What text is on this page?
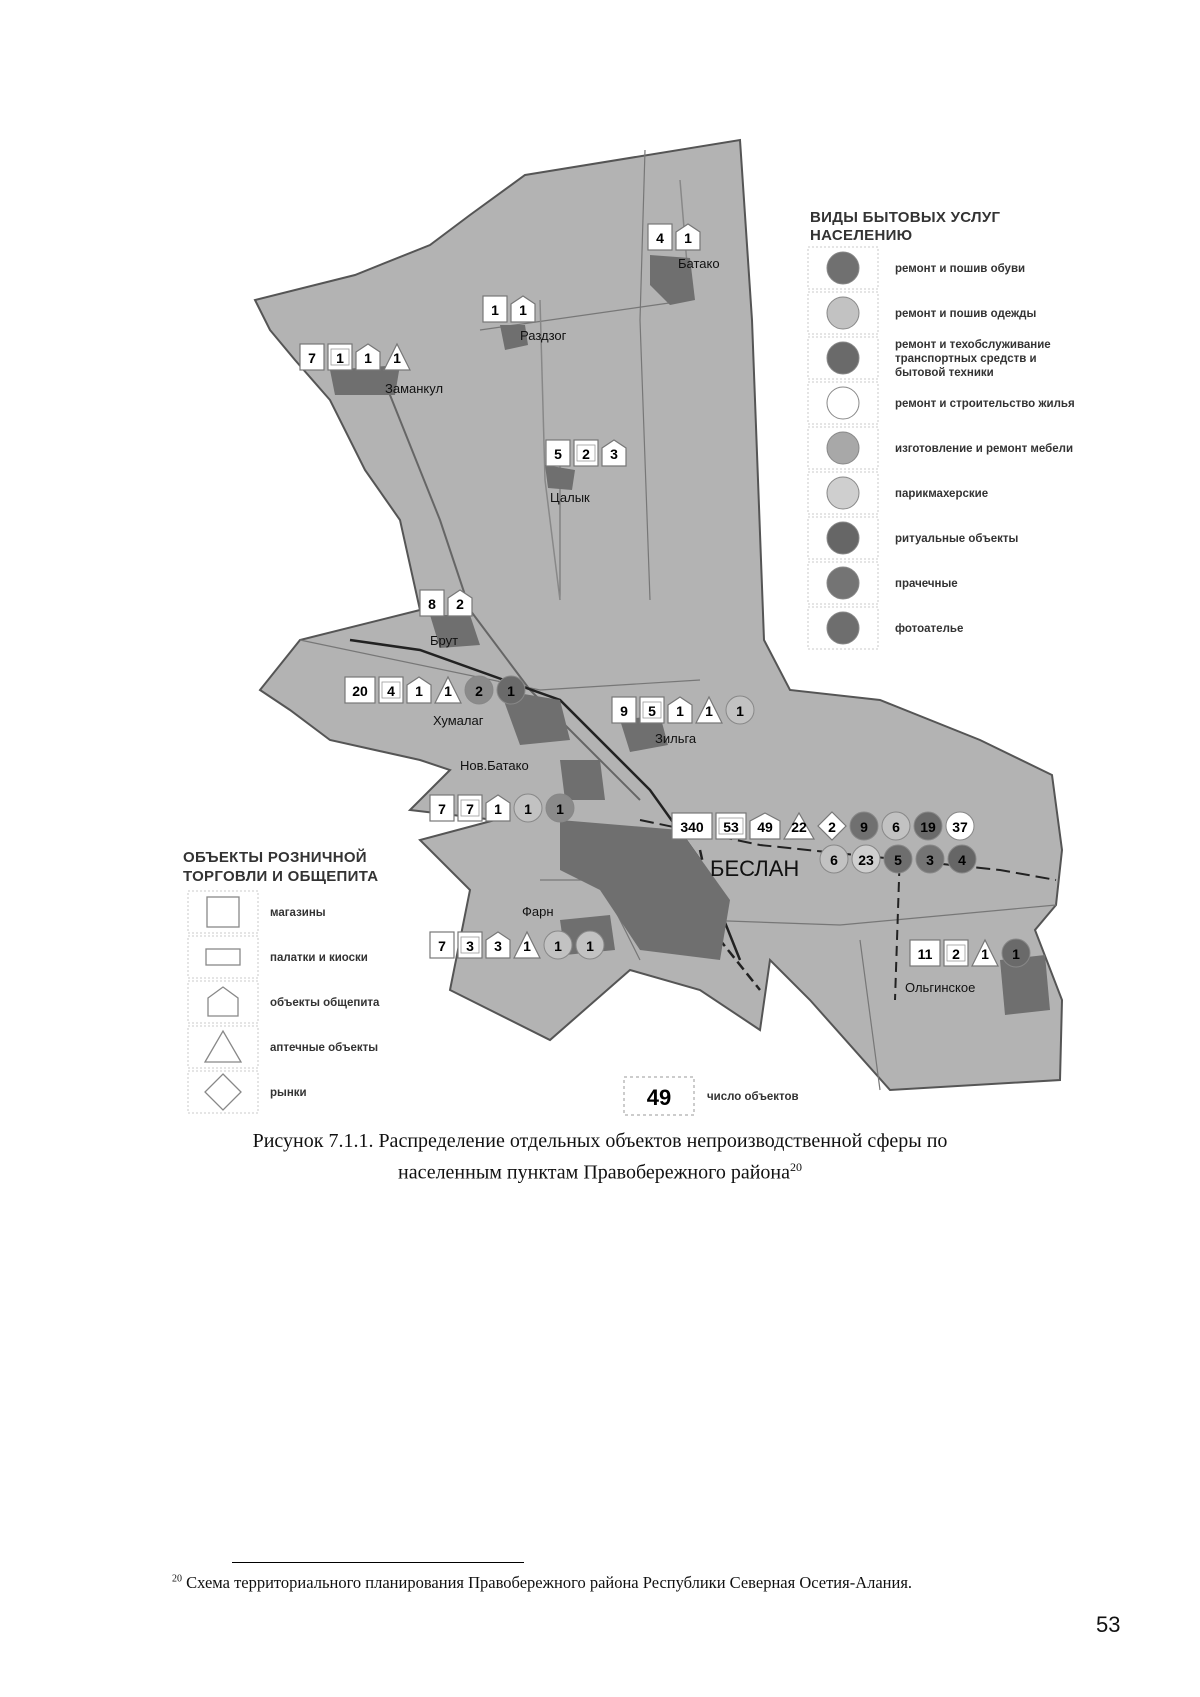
Батако
Раздзог
Заманкул
Цалык
Брут
Хумалаг
Зильга
Нов.Батако
БЕСЛАН
Фарн
Ольгинское
4 1
1 1
7 1 1 1
5 2 3
8 2
20 4 1 1 2 1
9 5 1 1 1
7 7 1 1 1
340 53 49 22 2 9 6 19 37
6 23 5 3 4
7 3 3 1 1 1	11 2 1 1
ВИДЫ БЫТОВЫХ УСЛУГ
НАСЕЛЕНИЮ
ремонт и пошив обуви
ремонт и пошив одежды
ремонт и техобслуживание
транспортных средств и
бытовой техники
ремонт и строительство жилья
изготовление и ремонт мебели
парикмахерские
ритуальные объекты
прачечные
фотоателье
ОБЪЕКТЫ РОЗНИЧНОЙ
ТОРГОВЛИ И ОБЩЕПИТА
магазины
палатки и киоски
объекты общепита
аптечные объекты
рынки	49	число объектов
Рисунок 7.1.1. Распределение отдельных объектов непроизводственной сферы по
населенным пунктам Правобережного района$^{20}$
$^{20}$ Схема территориального планирования Правобережного района Республики Северная Осетия-Алания.
53
